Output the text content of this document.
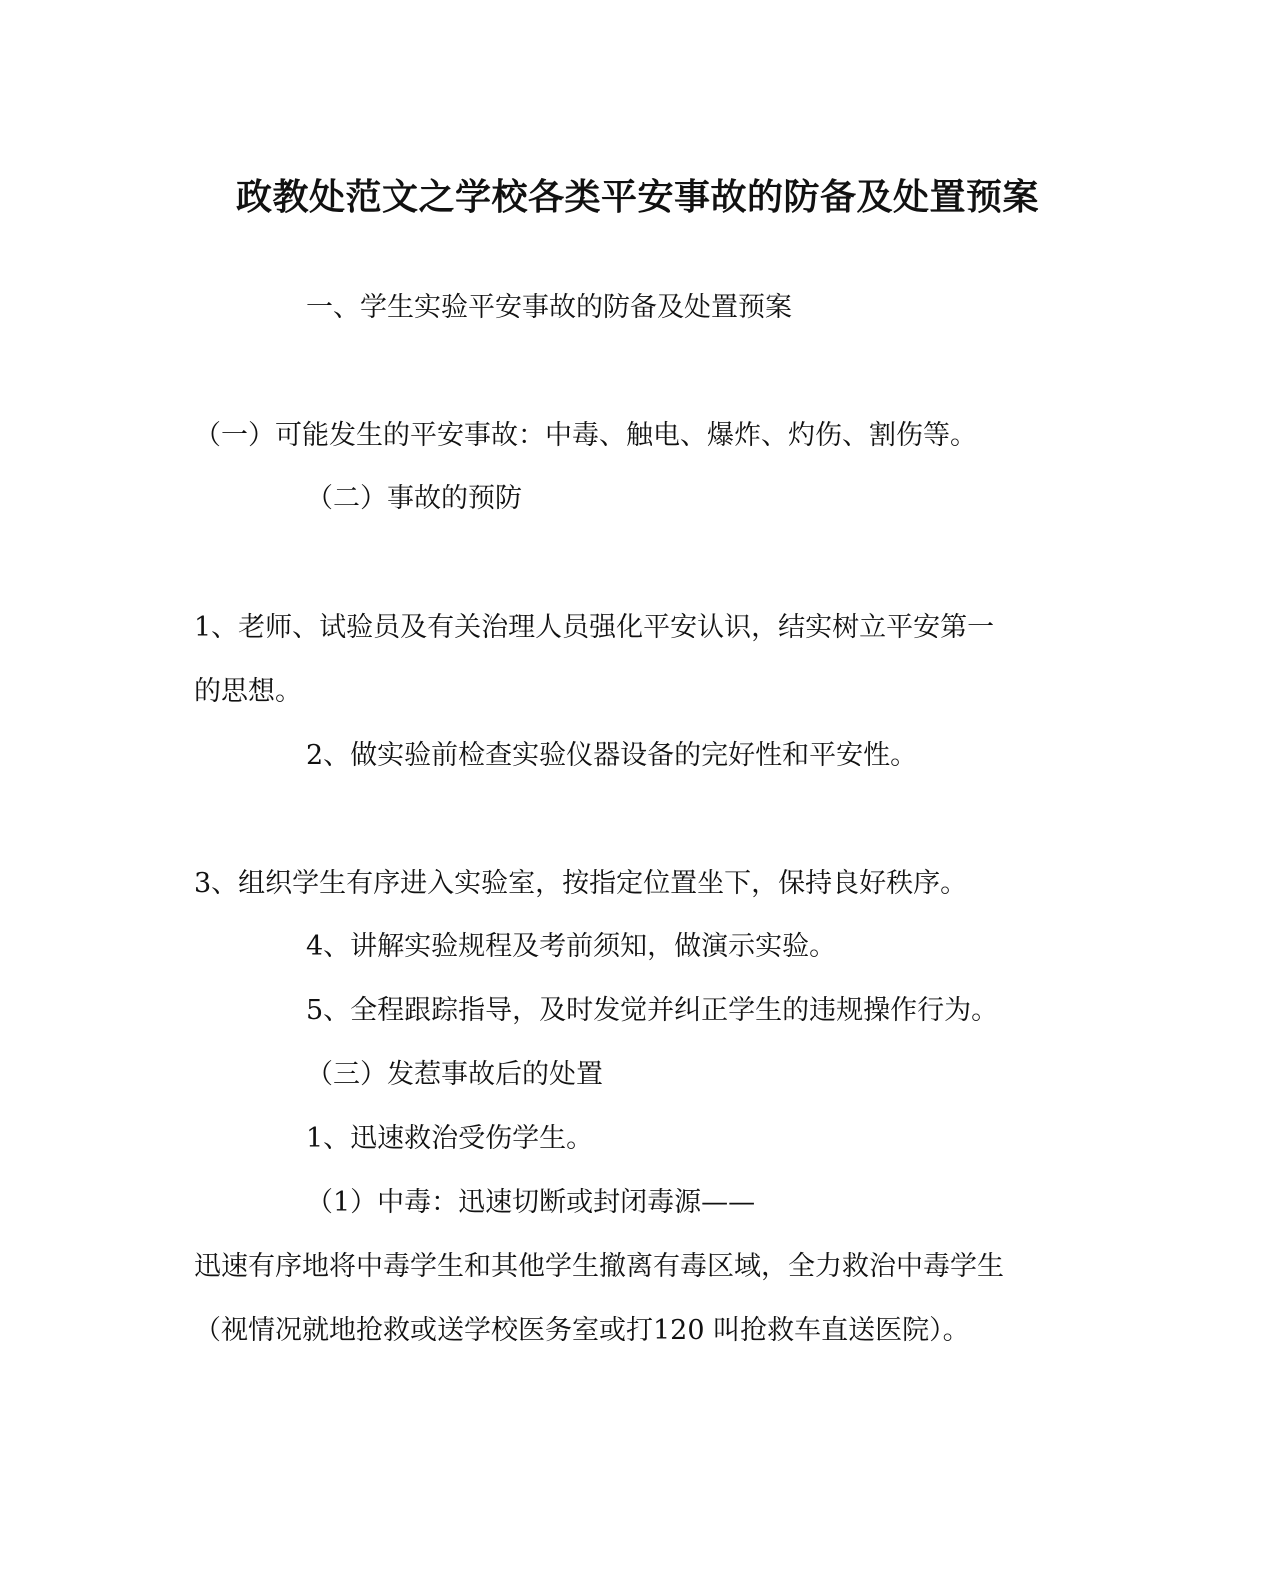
政教处范文之学校各类平安事故的防备及处置预案
一、学生实验平安事故的防备及处置预案
（一）可能发生的平安事故：中毒、触电、爆炸、灼伤、割伤等。
（二）事故的预防
1、老师、试验员及有关治理人员强化平安认识，结实树立平安第一
的思想。
2、做实验前检查实验仪器设备的完好性和平安性。
3、组织学生有序进入实验室，按指定位置坐下，保持良好秩序。
4、讲解实验规程及考前须知，做演示实验。
5、全程跟踪指导，及时发觉并纠正学生的违规操作行为。
（三）发惹事故后的处置
1、迅速救治受伤学生。
（1）中毒：迅速切断或封闭毒源——
迅速有序地将中毒学生和其他学生撤离有毒区域，全力救治中毒学生
（视情况就地抢救或送学校医务室或打120 叫抢救车直送医院）。
